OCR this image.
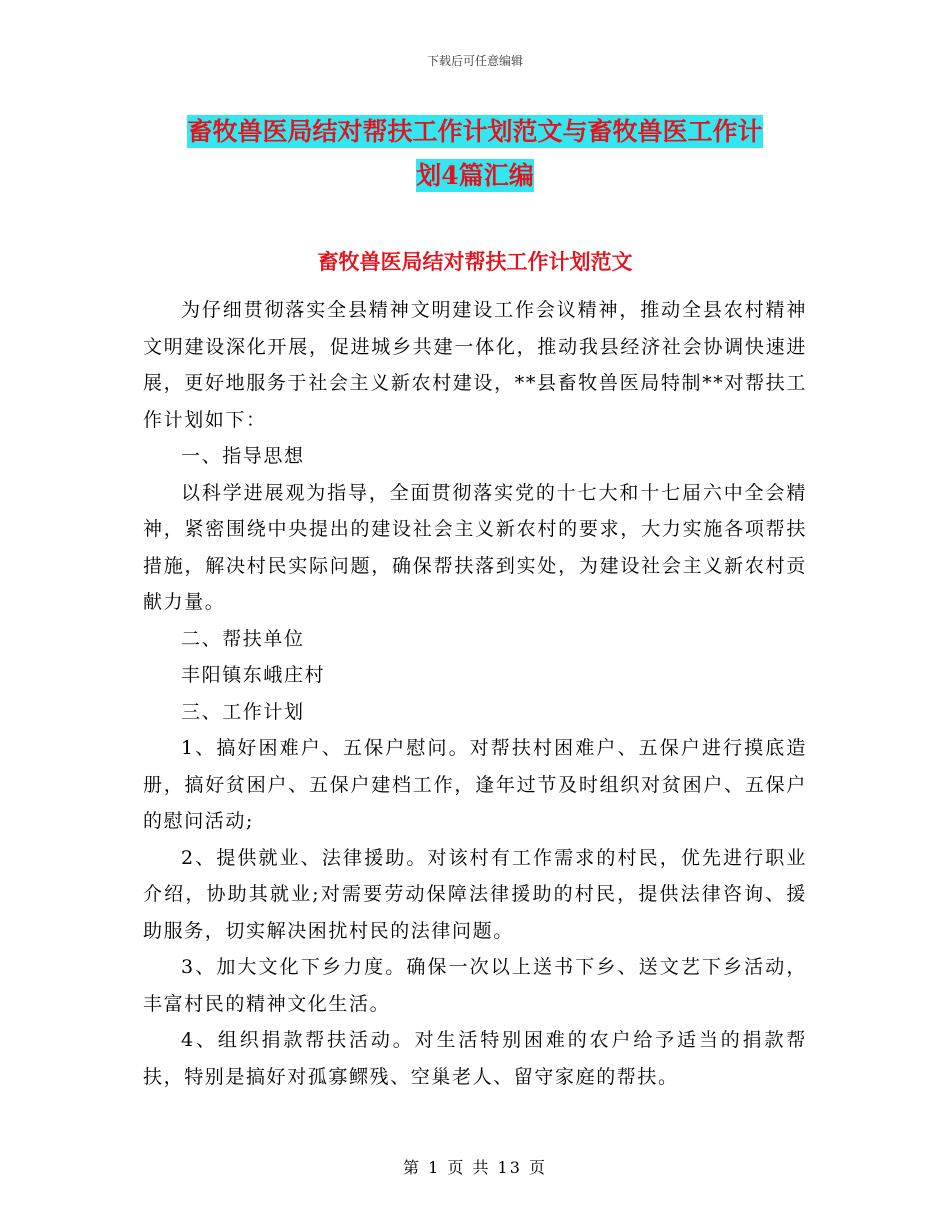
下载后可任意编辑
畜牧兽医局结对帮扶工作计划范文与畜牧兽医工作计
划4篇汇编
畜牧兽医局结对帮扶工作计划范文

为仔细贯彻落实全县精神文明建设工作会议精神，推动全县农村精神文明建设深化开展，促进城乡共建一体化，推动我县经济社会协调快速进展，更好地服务于社会主义新农村建设，**县畜牧兽医局特制**对帮扶工作计划如下：

一、指导思想

以科学进展观为指导，全面贯彻落实党的十七大和十七届六中全会精神，紧密围绕中央提出的建设社会主义新农村的要求，大力实施各项帮扶措施，解决村民实际问题，确保帮扶落到实处，为建设社会主义新农村贡献力量。

二、帮扶单位

丰阳镇东峨庄村

三、工作计划

1、搞好困难户、五保户慰问。对帮扶村困难户、五保户进行摸底造册，搞好贫困户、五保户建档工作，逢年过节及时组织对贫困户、五保户的慰问活动;

2、提供就业、法律援助。对该村有工作需求的村民，优先进行职业介绍，协助其就业;对需要劳动保障法律援助的村民，提供法律咨询、援助服务，切实解决困扰村民的法律问题。

3、加大文化下乡力度。确保一次以上送书下乡、送文艺下乡活动，丰富村民的精神文化生活。

4、组织捐款帮扶活动。对生活特别困难的农户给予适当的捐款帮扶，特别是搞好对孤寡鳏残、空巢老人、留守家庭的帮扶。

第 1 页 共 13 页
